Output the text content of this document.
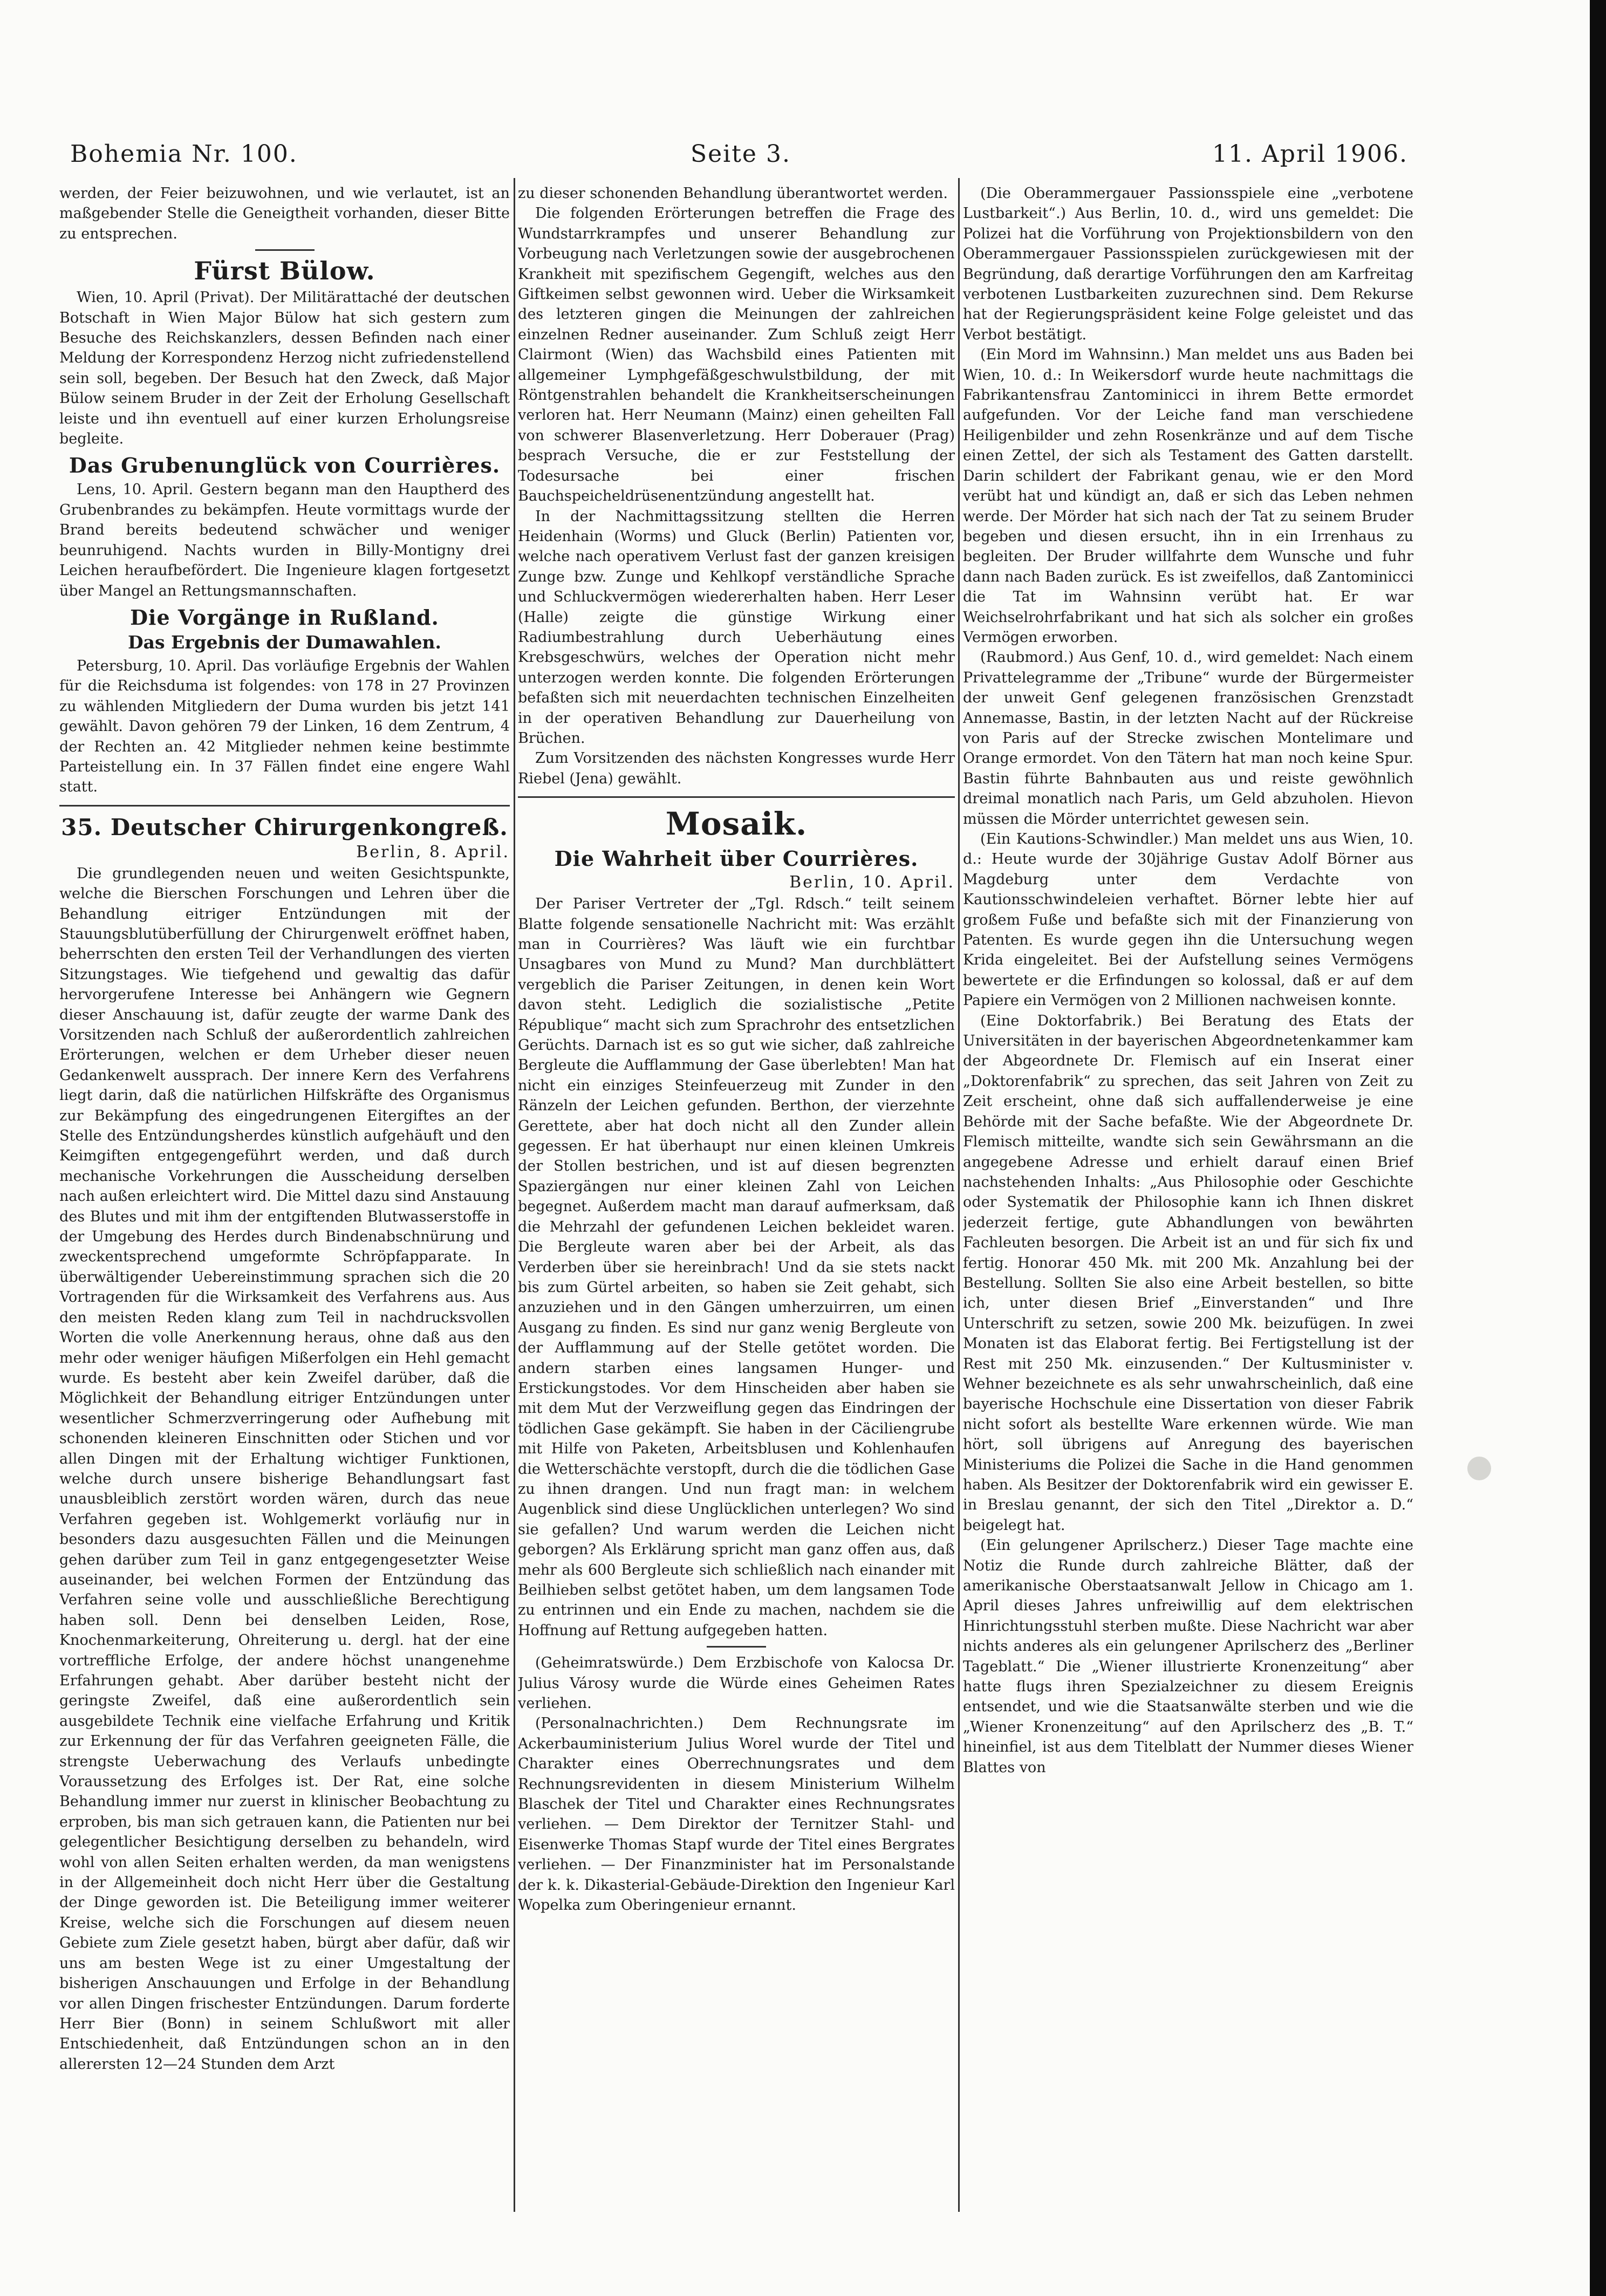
Bohemia Nr. 100.	Seite 3.	11. April 1906.

werden, der Feier beizuwohnen, und wie verlautet, ist an maßgebender Stelle die Geneigtheit vorhanden, dieser Bitte zu entsprechen.

Fürst Bülow.

Wien, 10. April (Privat). Der Militärattaché der deutschen Botschaft in Wien Major Bülow hat sich gestern zum Besuche des Reichskanzlers, dessen Befinden nach einer Meldung der Korrespondenz Herzog nicht zufriedenstellend sein soll, begeben. Der Besuch hat den Zweck, daß Major Bülow seinem Bruder in der Zeit der Erholung Gesellschaft leiste und ihn eventuell auf einer kurzen Erholungsreise begleite.

Das Grubenunglück von Courrières.

Lens, 10. April. Gestern begann man den Hauptherd des Grubenbrandes zu bekämpfen. Heute vormittags wurde der Brand bereits bedeutend schwächer und weniger beunruhigend. Nachts wurden in Billy-Montigny drei Leichen heraufbefördert. Die Ingenieure klagen fortgesetzt über Mangel an Rettungsmannschaften.

Die Vorgänge in Rußland.
Das Ergebnis der Dumawahlen.

Petersburg, 10. April. Das vorläufige Ergebnis der Wahlen für die Reichsduma ist folgendes: von 178 in 27 Provinzen zu wählenden Mitgliedern der Duma wurden bis jetzt 141 gewählt. Davon gehören 79 der Linken, 16 dem Zentrum, 4 der Rechten an. 42 Mitglieder nehmen keine bestimmte Parteistellung ein. In 37 Fällen findet eine engere Wahl statt.

35. Deutscher Chirurgenkongreß.
Berlin, 8. April.

Die grundlegenden neuen und weiten Gesichtspunkte, welche die Bierschen Forschungen und Lehren über die Behandlung eitriger Entzündungen mit der Stauungsblutüberfüllung der Chirurgenwelt eröffnet haben, beherrschten den ersten Teil der Verhandlungen des vierten Sitzungstages. Wie tiefgehend und gewaltig das dafür hervorgerufene Interesse bei Anhängern wie Gegnern dieser Anschauung ist, dafür zeugte der warme Dank des Vorsitzenden nach Schluß der außerordentlich zahlreichen Erörterungen, welchen er dem Urheber dieser neuen Gedankenwelt aussprach. Der innere Kern des Verfahrens liegt darin, daß die natürlichen Hilfskräfte des Organismus zur Bekämpfung des eingedrungenen Eitergiftes an der Stelle des Entzündungsherdes künstlich aufgehäuft und den Keimgiften entgegengeführt werden, und daß durch mechanische Vorkehrungen die Ausscheidung derselben nach außen erleichtert wird. Die Mittel dazu sind Anstauung des Blutes und mit ihm der entgiftenden Blutwasserstoffe in der Umgebung des Herdes durch Bindenabschnürung und zweckentsprechend umgeformte Schröpfapparate. In überwältigender Uebereinstimmung sprachen sich die 20 Vortragenden für die Wirksamkeit des Verfahrens aus. Aus den meisten Reden klang zum Teil in nachdrucksvollen Worten die volle Anerkennung heraus, ohne daß aus den mehr oder weniger häufigen Mißerfolgen ein Hehl gemacht wurde. Es besteht aber kein Zweifel darüber, daß die Möglichkeit der Behandlung eitriger Entzündungen unter wesentlicher Schmerzverringerung oder Aufhebung mit schonenden kleineren Einschnitten oder Stichen und vor allen Dingen mit der Erhaltung wichtiger Funktionen, welche durch unsere bisherige Behandlungsart fast unausbleiblich zerstört worden wären, durch das neue Verfahren gegeben ist. Wohlgemerkt vorläufig nur in besonders dazu ausgesuchten Fällen und die Meinungen gehen darüber zum Teil in ganz entgegengesetzter Weise auseinander, bei welchen Formen der Entzündung das Verfahren seine volle und ausschließliche Berechtigung haben soll. Denn bei denselben Leiden, Rose, Knochenmarkeiterung, Ohreiterung u. dergl. hat der eine vortreffliche Erfolge, der andere höchst unangenehme Erfahrungen gehabt. Aber darüber besteht nicht der geringste Zweifel, daß eine außerordentlich sein ausgebildete Technik eine vielfache Erfahrung und Kritik zur Erkennung der für das Verfahren geeigneten Fälle, die strengste Ueberwachung des Verlaufs unbedingte Voraussetzung des Erfolges ist. Der Rat, eine solche Behandlung immer nur zuerst in klinischer Beobachtung zu erproben, bis man sich getrauen kann, die Patienten nur bei gelegentlicher Besichtigung derselben zu behandeln, wird wohl von allen Seiten erhalten werden, da man wenigstens in der Allgemeinheit doch nicht Herr über die Gestaltung der Dinge geworden ist. Die Beteiligung immer weiterer Kreise, welche sich die Forschungen auf diesem neuen Gebiete zum Ziele gesetzt haben, bürgt aber dafür, daß wir uns am besten Wege ist zu einer Umgestaltung der bisherigen Anschauungen und Erfolge in der Behandlung vor allen Dingen frischester Entzündungen. Darum forderte Herr Bier (Bonn) in seinem Schlußwort mit aller Entschiedenheit, daß Entzündungen schon an in den allerersten 12—24 Stunden dem Arzt

zu dieser schonenden Behandlung überantwortet werden.

Die folgenden Erörterungen betreffen die Frage des Wundstarrkrampfes und unserer Behandlung zur Vorbeugung nach Verletzungen sowie der ausgebrochenen Krankheit mit spezifischem Gegengift, welches aus den Giftkeimen selbst gewonnen wird. Ueber die Wirksamkeit des letzteren gingen die Meinungen der zahlreichen einzelnen Redner auseinander. Zum Schluß zeigt Herr Clairmont (Wien) das Wachsbild eines Patienten mit allgemeiner Lymphgefäßgeschwulstbildung, der mit Röntgenstrahlen behandelt die Krankheitserscheinungen verloren hat. Herr Neumann (Mainz) einen geheilten Fall von schwerer Blasenverletzung. Herr Doberauer (Prag) besprach Versuche, die er zur Feststellung der Todesursache bei einer frischen Bauchspeicheldrüsenentzündung angestellt hat.

In der Nachmittagssitzung stellten die Herren Heidenhain (Worms) und Gluck (Berlin) Patienten vor, welche nach operativem Verlust fast der ganzen kreisigen Zunge bzw. Zunge und Kehlkopf verständliche Sprache und Schluckvermögen wiedererhalten haben. Herr Leser (Halle) zeigte die günstige Wirkung einer Radiumbestrahlung durch Ueberhäutung eines Krebsgeschwürs, welches der Operation nicht mehr unterzogen werden konnte. Die folgenden Erörterungen befaßten sich mit neuerdachten technischen Einzelheiten in der operativen Behandlung zur Dauerheilung von Brüchen.

Zum Vorsitzenden des nächsten Kongresses wurde Herr Riebel (Jena) gewählt.

Mosaik.
Die Wahrheit über Courrières.
Berlin, 10. April.

Der Pariser Vertreter der „Tgl. Rdsch.“ teilt seinem Blatte folgende sensationelle Nachricht mit: Was erzählt man in Courrières? Was läuft wie ein furchtbar Unsagbares von Mund zu Mund? Man durchblättert vergeblich die Pariser Zeitungen, in denen kein Wort davon steht. Lediglich die sozialistische „Petite République“ macht sich zum Sprachrohr des entsetzlichen Gerüchts. Darnach ist es so gut wie sicher, daß zahlreiche Bergleute die Aufflammung der Gase überlebten! Man hat nicht ein einziges Steinfeuerzeug mit Zunder in den Ränzeln der Leichen gefunden. Berthon, der vierzehnte Gerettete, aber hat doch nicht all den Zunder allein gegessen. Er hat überhaupt nur einen kleinen Umkreis der Stollen bestrichen, und ist auf diesen begrenzten Spaziergängen nur einer kleinen Zahl von Leichen begegnet. Außerdem macht man darauf aufmerksam, daß die Mehrzahl der gefundenen Leichen bekleidet waren. Die Bergleute waren aber bei der Arbeit, als das Verderben über sie hereinbrach! Und da sie stets nackt bis zum Gürtel arbeiten, so haben sie Zeit gehabt, sich anzuziehen und in den Gängen umherzuirren, um einen Ausgang zu finden. Es sind nur ganz wenig Bergleute von der Aufflammung auf der Stelle getötet worden. Die andern starben eines langsamen Hunger- und Erstickungstodes. Vor dem Hinscheiden aber haben sie mit dem Mut der Verzweiflung gegen das Eindringen der tödlichen Gase gekämpft. Sie haben in der Cäciliengrube mit Hilfe von Paketen, Arbeitsblusen und Kohlenhaufen die Wetterschächte verstopft, durch die die tödlichen Gase zu ihnen drangen. Und nun fragt man: in welchem Augenblick sind diese Unglücklichen unterlegen? Wo sind sie gefallen? Und warum werden die Leichen nicht geborgen? Als Erklärung spricht man ganz offen aus, daß mehr als 600 Bergleute sich schließlich nach einander mit Beilhieben selbst getötet haben, um dem langsamen Tode zu entrinnen und ein Ende zu machen, nachdem sie die Hoffnung auf Rettung aufgegeben hatten.

(Geheimratswürde.) Dem Erzbischofe von Kalocsa Dr. Julius Városy wurde die Würde eines Geheimen Rates verliehen.

(Personalnachrichten.) Dem Rechnungsrate im Ackerbauministerium Julius Worel wurde der Titel und Charakter eines Oberrechnungsrates und dem Rechnungsrevidenten in diesem Ministerium Wilhelm Blaschek der Titel und Charakter eines Rechnungsrates verliehen. — Dem Direktor der Ternitzer Stahl- und Eisenwerke Thomas Stapf wurde der Titel eines Bergrates verliehen. — Der Finanzminister hat im Personalstande der k. k. Dikasterial-Gebäude-Direktion den Ingenieur Karl Wopelka zum Oberingenieur ernannt.

(Die Oberammergauer Passionsspiele eine „verbotene Lustbarkeit“.) Aus Berlin, 10. d., wird uns gemeldet: Die Polizei hat die Vorführung von Projektionsbildern von den Oberammergauer Passionsspielen zurückgewiesen mit der Begründung, daß derartige Vorführungen den am Karfreitag verbotenen Lustbarkeiten zuzurechnen sind. Dem Rekurse hat der Regierungspräsident keine Folge geleistet und das Verbot bestätigt.

(Ein Mord im Wahnsinn.) Man meldet uns aus Baden bei Wien, 10. d.: In Weikersdorf wurde heute nachmittags die Fabrikantensfrau Zantominicci in ihrem Bette ermordet aufgefunden. Vor der Leiche fand man verschiedene Heiligenbilder und zehn Rosenkränze und auf dem Tische einen Zettel, der sich als Testament des Gatten darstellt. Darin schildert der Fabrikant genau, wie er den Mord verübt hat und kündigt an, daß er sich das Leben nehmen werde. Der Mörder hat sich nach der Tat zu seinem Bruder begeben und diesen ersucht, ihn in ein Irrenhaus zu begleiten. Der Bruder willfahrte dem Wunsche und fuhr dann nach Baden zurück. Es ist zweifellos, daß Zantominicci die Tat im Wahnsinn verübt hat. Er war Weichselrohrfabrikant und hat sich als solcher ein großes Vermögen erworben.

(Raubmord.) Aus Genf, 10. d., wird gemeldet: Nach einem Privattelegramme der „Tribune“ wurde der Bürgermeister der unweit Genf gelegenen französischen Grenzstadt Annemasse, Bastin, in der letzten Nacht auf der Rückreise von Paris auf der Strecke zwischen Montelimare und Orange ermordet. Von den Tätern hat man noch keine Spur. Bastin führte Bahnbauten aus und reiste gewöhnlich dreimal monatlich nach Paris, um Geld abzuholen. Hievon müssen die Mörder unterrichtet gewesen sein.

(Ein Kautions-Schwindler.) Man meldet uns aus Wien, 10. d.: Heute wurde der 30jährige Gustav Adolf Börner aus Magdeburg unter dem Verdachte von Kautionsschwindeleien verhaftet. Börner lebte hier auf großem Fuße und befaßte sich mit der Finanzierung von Patenten. Es wurde gegen ihn die Untersuchung wegen Krida eingeleitet. Bei der Aufstellung seines Vermögens bewertete er die Erfindungen so kolossal, daß er auf dem Papiere ein Vermögen von 2 Millionen nachweisen konnte.

(Eine Doktorfabrik.) Bei Beratung des Etats der Universitäten in der bayerischen Abgeordnetenkammer kam der Abgeordnete Dr. Flemisch auf ein Inserat einer „Doktorenfabrik“ zu sprechen, das seit Jahren von Zeit zu Zeit erscheint, ohne daß sich auffallenderweise je eine Behörde mit der Sache befaßte. Wie der Abgeordnete Dr. Flemisch mitteilte, wandte sich sein Gewährsmann an die angegebene Adresse und erhielt darauf einen Brief nachstehenden Inhalts: „Aus Philosophie oder Geschichte oder Systematik der Philosophie kann ich Ihnen diskret jederzeit fertige, gute Abhandlungen von bewährten Fachleuten besorgen. Die Arbeit ist an und für sich fix und fertig. Honorar 450 Mk. mit 200 Mk. Anzahlung bei der Bestellung. Sollten Sie also eine Arbeit bestellen, so bitte ich, unter diesen Brief „Einverstanden“ und Ihre Unterschrift zu setzen, sowie 200 Mk. beizufügen. In zwei Monaten ist das Elaborat fertig. Bei Fertigstellung ist der Rest mit 250 Mk. einzusenden.“ Der Kultusminister v. Wehner bezeichnete es als sehr unwahrscheinlich, daß eine bayerische Hochschule eine Dissertation von dieser Fabrik nicht sofort als bestellte Ware erkennen würde. Wie man hört, soll übrigens auf Anregung des bayerischen Ministeriums die Polizei die Sache in die Hand genommen haben. Als Besitzer der Doktorenfabrik wird ein gewisser E. in Breslau genannt, der sich den Titel „Direktor a. D.“ beigelegt hat.

(Ein gelungener Aprilscherz.) Dieser Tage machte eine Notiz die Runde durch zahlreiche Blätter, daß der amerikanische Oberstaatsanwalt Jellow in Chicago am 1. April dieses Jahres unfreiwillig auf dem elektrischen Hinrichtungsstuhl sterben mußte. Diese Nachricht war aber nichts anderes als ein gelungener Aprilscherz des „Berliner Tageblatt.“ Die „Wiener illustrierte Kronenzeitung“ aber hatte flugs ihren Spezialzeichner zu diesem Ereignis entsendet, und wie die Staatsanwälte sterben und wie die „Wiener Kronenzeitung“ auf den Aprilscherz des „B. T.“ hineinfiel, ist aus dem Titelblatt der Nummer dieses Wiener Blattes von
